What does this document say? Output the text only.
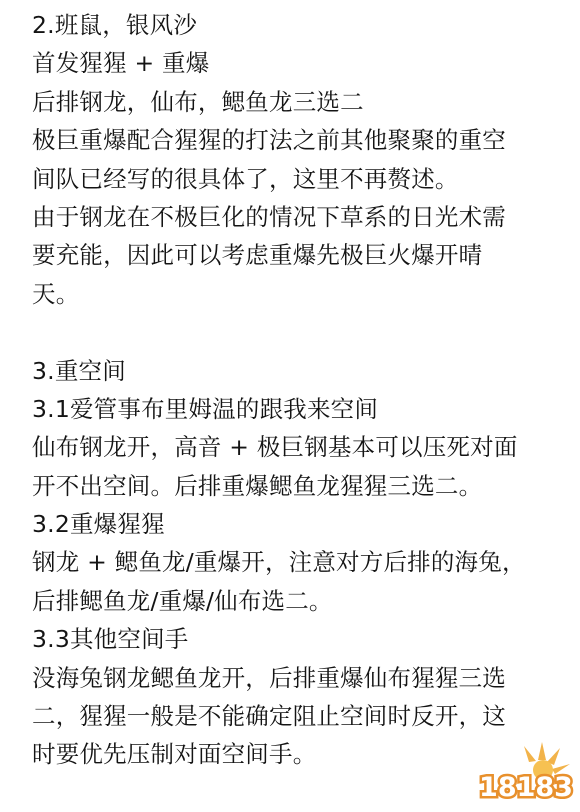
2.班鼠，银风沙
首发猩猩 + 重爆
后排钢龙，仙布，鳃鱼龙三选二
极巨重爆配合猩猩的打法之前其他聚聚的重空
间队已经写的很具体了，这里不再赘述。
由于钢龙在不极巨化的情况下草系的日光术需
要充能，因此可以考虑重爆先极巨火爆开晴
天。
3.重空间
3.1爱管事布里姆温的跟我来空间
仙布钢龙开，高音 + 极巨钢基本可以压死对面
开不出空间。后排重爆鳃鱼龙猩猩三选二。
3.2重爆猩猩
钢龙 + 鳃鱼龙/重爆开，注意对方后排的海兔，
后排鳃鱼龙/重爆/仙布选二。
3.3其他空间手
没海兔钢龙鳃鱼龙开，后排重爆仙布猩猩三选
二，猩猩一般是不能确定阻止空间时反开，这
时要优先压制对面空间手。
18183
